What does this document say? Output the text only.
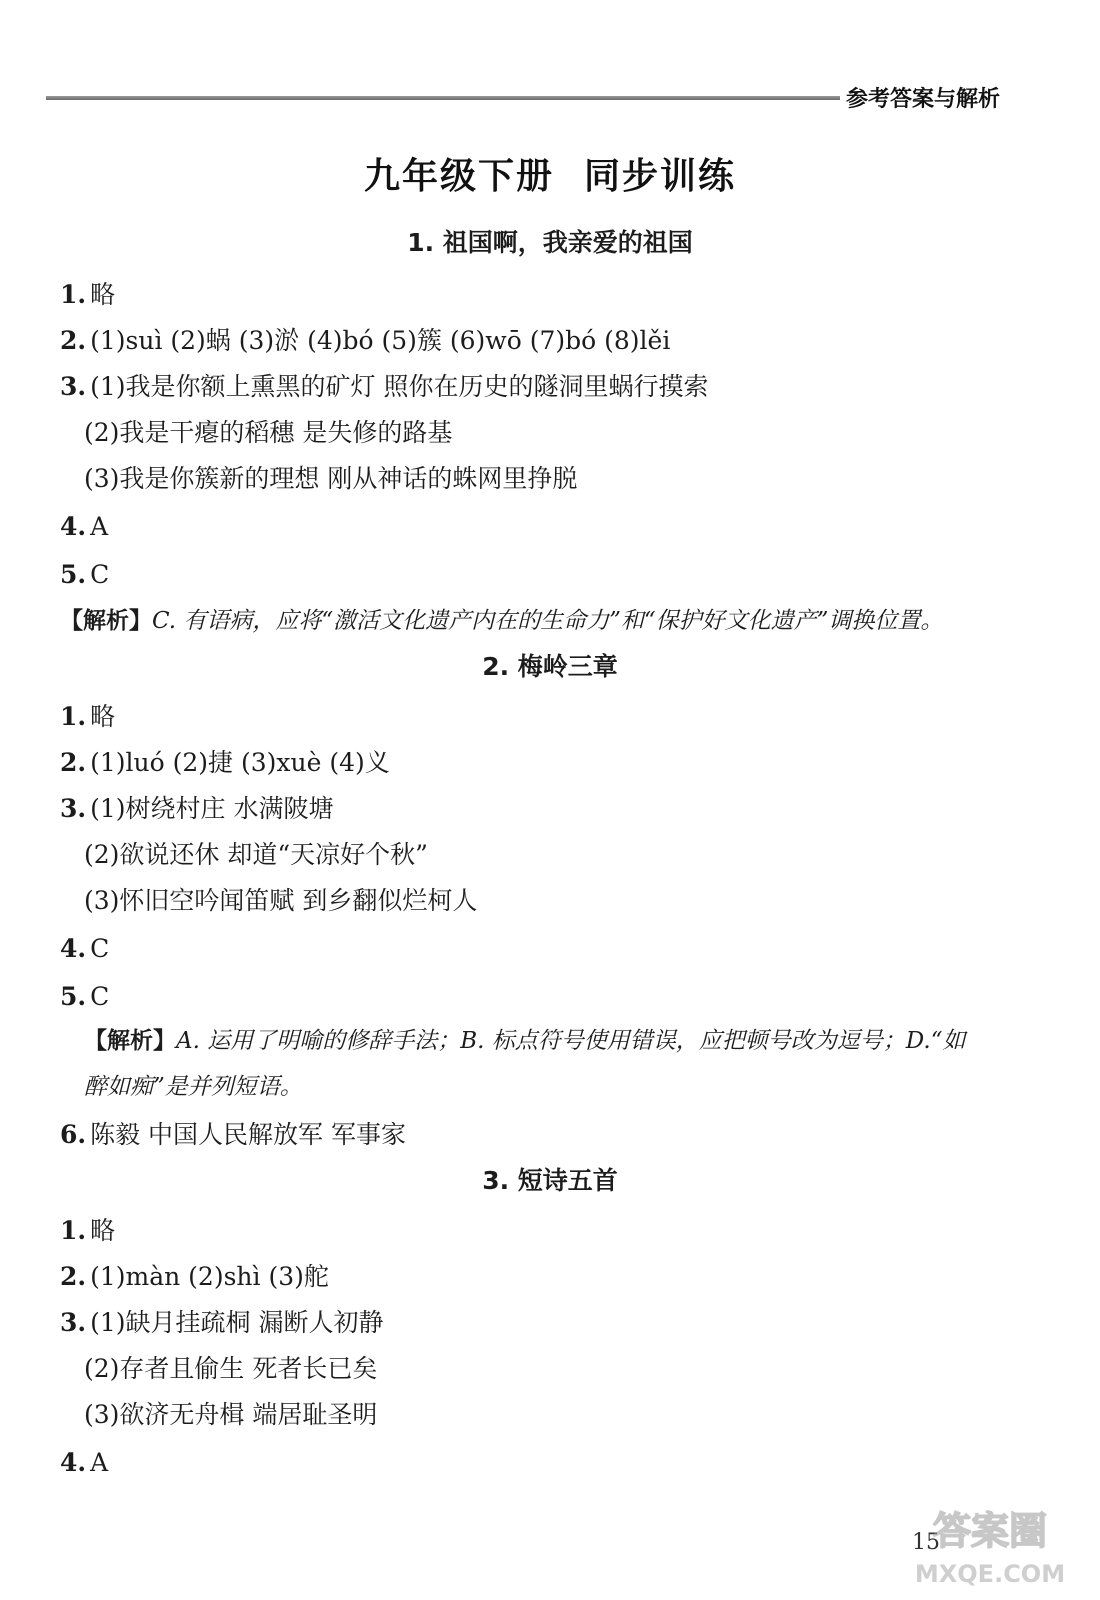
参考答案与解析
九年级下册 同步训练
1. 祖国啊，我亲爱的祖国
1. 略
2. (1)suì (2)蜗 (3)淤 (4)bó (5)簇 (6)wō (7)bó (8)lěi
3. (1)我是你额上熏黑的矿灯 照你在历史的隧洞里蜗行摸索
(2)我是干瘪的稻穗 是失修的路基
(3)我是你簇新的理想 刚从神话的蛛网里挣脱
4. A
5. C
【解析】C. 有语病，应将“激活文化遗产内在的生命力”和“保护好文化遗产”调换位置。
2. 梅岭三章
1. 略
2. (1)luó (2)捷 (3)xuè (4)义
3. (1)树绕村庄 水满陂塘
(2)欲说还休 却道“天凉好个秋”
(3)怀旧空吟闻笛赋 到乡翻似烂柯人
4. C
5. C
【解析】A. 运用了明喻的修辞手法；B. 标点符号使用错误，应把顿号改为逗号；D.“如
醉如痴”是并列短语。
6. 陈毅 中国人民解放军 军事家
3. 短诗五首
1. 略
2. (1)màn (2)shì (3)舵
3. (1)缺月挂疏桐 漏断人初静
(2)存者且偷生 死者长已矣
(3)欲济无舟楫 端居耻圣明
4. A
15
答案圈
MXQE.COM
